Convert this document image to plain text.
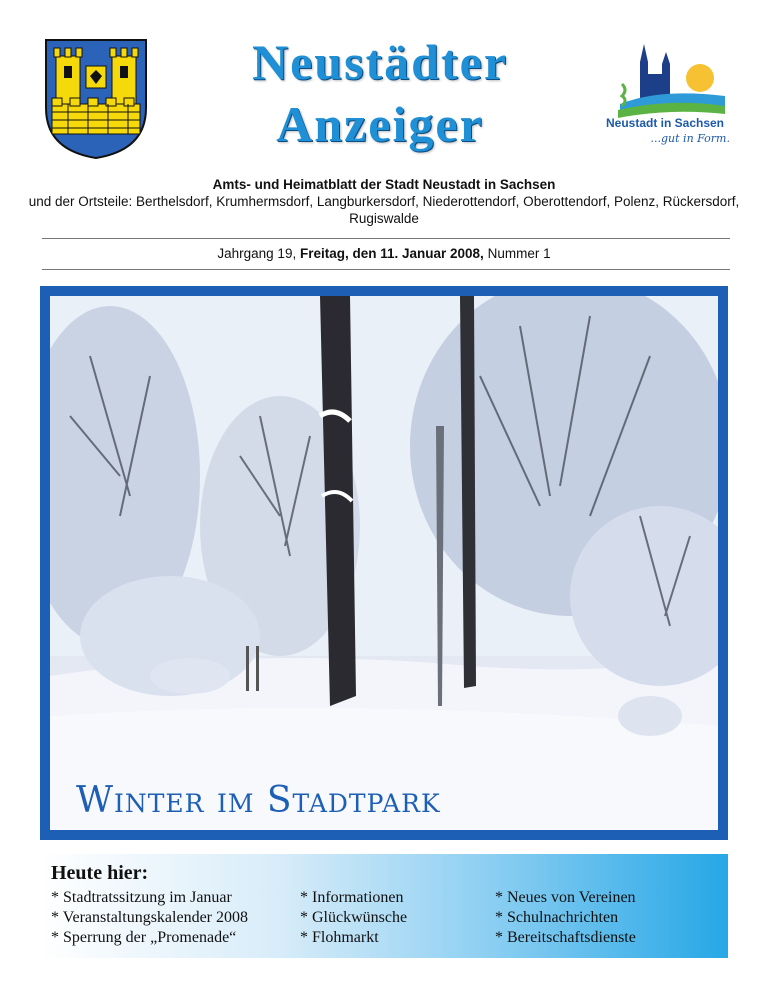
Neustädter
Anzeiger	Neustadt in Sachsen
...gut in Form.
Amts- und Heimatblatt der Stadt Neustadt in Sachsen
und der Ortsteile: Berthelsdorf, Krumhermsdorf, Langburkersdorf, Niederottendorf, Oberottendorf, Polenz, Rückersdorf, Rugiswalde
Jahrgang 19, Freitag, den 11. Januar 2008, Nummer 1
Winter im Stadtpark
Heute hier:
* Stadtratssitzung im Januar
* Veranstaltungskalender 2008
* Sperrung der „Promenade“
* Informationen
* Glückwünsche
* Flohmarkt
* Neues von Vereinen
* Schulnachrichten
* Bereitschaftsdienste
